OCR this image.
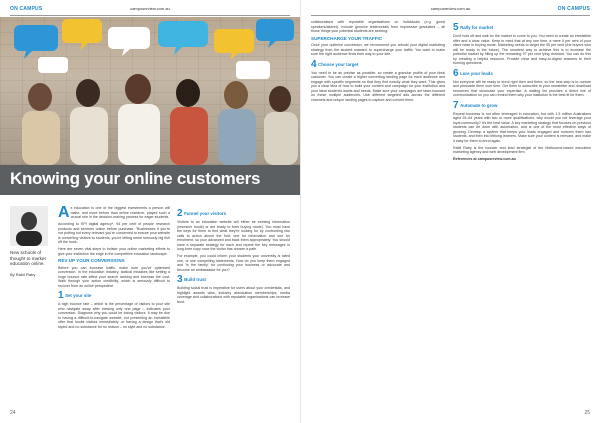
ON CAMPUS	campusreview.com.au
Knowing your online customers
New schools of thought to market education online.
By Rabil Raby

As education is one of the biggest investments a person will make, and more before than online research, played such a crucial role in the decision-making process for eager students.

According to KPI digital agency*, 94 per cent of people research products and services online before purchase. "Businesses if you're not putting out every relevant you're concerned to ensure your website is converting visitors to students, you're letting some seriously big fish off the hook.

Here are seven vital steps to bolster your online marketing efforts to give your institution the edge in the competitive education landscape.

REV UP YOUR CONVERSIONS

Before you can increase traffic, make sure you've optimised conversion. In the education industry, tactical mistakes like setting a huge bounce rate affect your search ranking and increase the cost. Walk through your action credibility, which is seriously difficult to recover from an online perspective.

1 Set your site

A high bounce rate – which is the percentage of visitors to your site who navigate away after viewing only one page – indicates poor conversion. Diagnose why you could be losing visitors. It may be due to having a difficult-to-navigate website, not presenting an irresistible offer that hooks visitors immediately, or having a design that's old styled and no substance for no reason – no style and no substance.

2 Funnel your visitors

Visitors to an education website will either be seeking information (research mode) or are ready to form buying mode). You must have the keys for them to find what they're looking for by confronting two calls to action above the fold: one for information and one for enrolment, so your advanced and back them appropriately. You should have a separate strategy for each and repeat the key messages in long-form copy once the visitor has chosen a path.

For example, you could inform your students your university is rated one, or use compelling statements. How do you keep them engaged and 'in the family' for continuing your business or advocate and become an ambassador for you?

3 Build trust

Building social trust is imperative for users about your credentials, and highlight awards wins, industry association memberships, media coverage and collaborations with reputable organisations can increase trust.

24
campusreview.com.au	ON CAMPUS

collaborations with reputable organisations on individuals (e.g. guest speakers/alumni). Include genuine testimonials from impressive graduates – all those things your potential students are seeking.

SUPERCHARGE YOUR TRAFFIC

Once your optimise conversion, we recommend you rebuild your digital marketing strategy from the student outward, to supercharge your traffic. You want to make sure the right audience finds their way to your site.

4 Choose your target

You need to be as precise as possible, so create a granular profile of your ideal customer. You can create a higher converting landing page for each audience and engage with specific segments so that they find exactly what they want. This gives you a clear idea of how to build your content and campaign for your institution and your ideal student's wants and needs. Make sure your campaigns are laser-focused on these multiple audiences. Use different targeted ads across the different channels and unique landing pages to capture and convert them.

5 Rally for market

Don't hold off and wait for the market to come to you. You need to create an irresistible offer and a clear value. Keep in mind that at any one time, a mere 5 per cent of your client base is buying-mode. Marketing needs to target the 95 per cent (the buyers who will be ready in the future). The smartest way to achieve this is to increase the potential market by filling up the remaining 97 per cent lying dormant. You can do this by creating a helpful resource. Provide clear and easy-to-digest answers to their burning questions.

6 Lure your leads

Not everyone will be ready to enrol right then and there, so the next step is to nurture and persuade them over time. Get them to subscribe to your newsletter and download resources that showcase your expertise. A mailing list provides a direct line of communication so you can remind them why your institution is the best fit for them.

7 Automate to grow

Repeat business is not often leveraged in education, but with 1.5 million Australians aged 25–64 years with two or more qualifications, why would you not leverage your loyal community? It's the best value. A key marketing strategy that focuses on previous students can be done with automation, and is one of the most effective ways of growing. Develop a system that keeps your leads engaged and nurtures them into students, and then into lifelong learners. Make sure your content is relevant, and make it easy for them to enrol again.

Rabil Raby is the founder and lead strategist of the Melbourne-based education marketing agency and web development firm.

References at campusreview.com.au

25
